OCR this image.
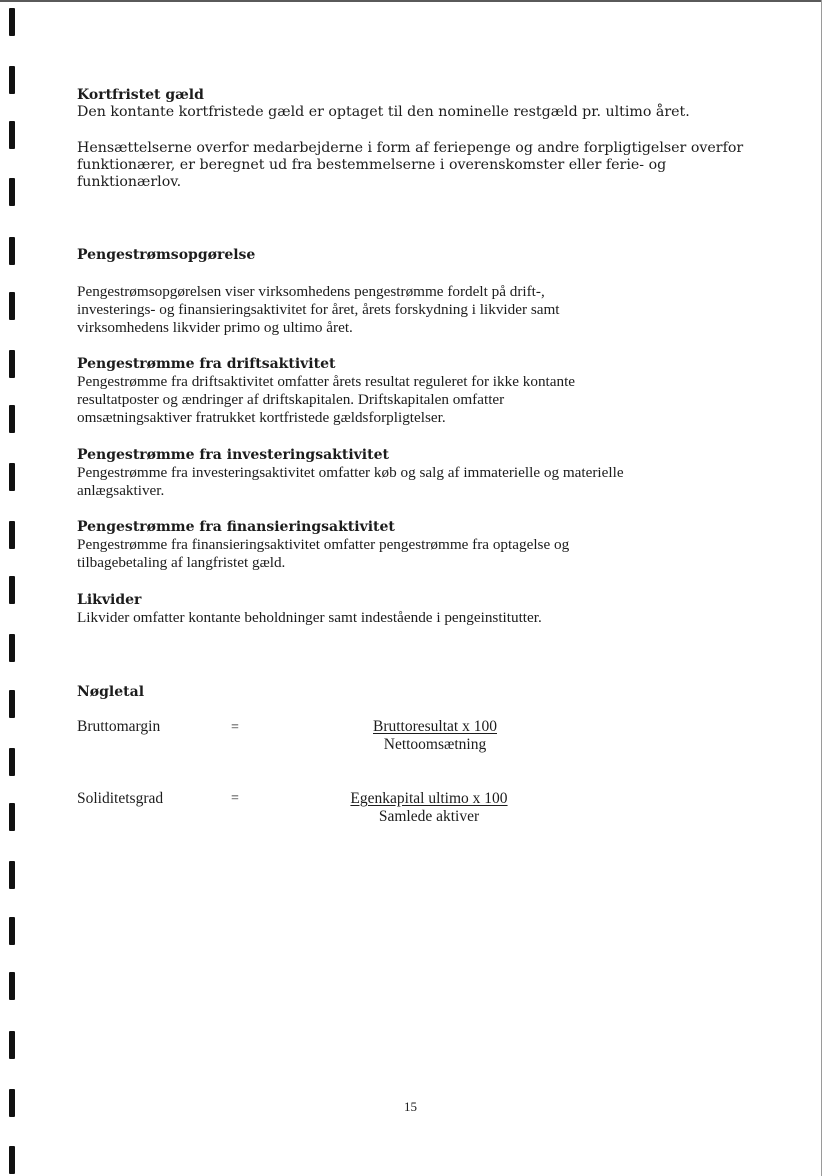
Kortfristet gæld
Den kontante kortfristede gæld er optaget til den nominelle restgæld pr. ultimo året.
Hensættelserne overfor medarbejderne i form af feriepenge og andre forpligtigelser overfor
funktionærer, er beregnet ud fra bestemmelserne i overenskomster eller ferie- og
funktionærlov.
Pengestrømsopgørelse
Pengestrømsopgørelsen viser virksomhedens pengestrømme fordelt på drift-,
investerings- og finansieringsaktivitet for året, årets forskydning i likvider samt
virksomhedens likvider primo og ultimo året.
Pengestrømme fra driftsaktivitet
Pengestrømme fra driftsaktivitet omfatter årets resultat reguleret for ikke kontante
resultatposter og ændringer af driftskapitalen. Driftskapitalen omfatter
omsætningsaktiver fratrukket kortfristede gældsforpligtelser.
Pengestrømme fra investeringsaktivitet
Pengestrømme fra investeringsaktivitet omfatter køb og salg af immaterielle og materielle
anlægsaktiver.
Pengestrømme fra finansieringsaktivitet
Pengestrømme fra finansieringsaktivitet omfatter pengestrømme fra optagelse og
tilbagebetaling af langfristet gæld.
Likvider
Likvider omfatter kontante beholdninger samt indestående i pengeinstitutter.
Nøgletal
Bruttomargin	=	Bruttoresultat x 100
Nettoomsætning
Soliditetsgrad	=	Egenkapital ultimo x 100
Samlede aktiver
15
